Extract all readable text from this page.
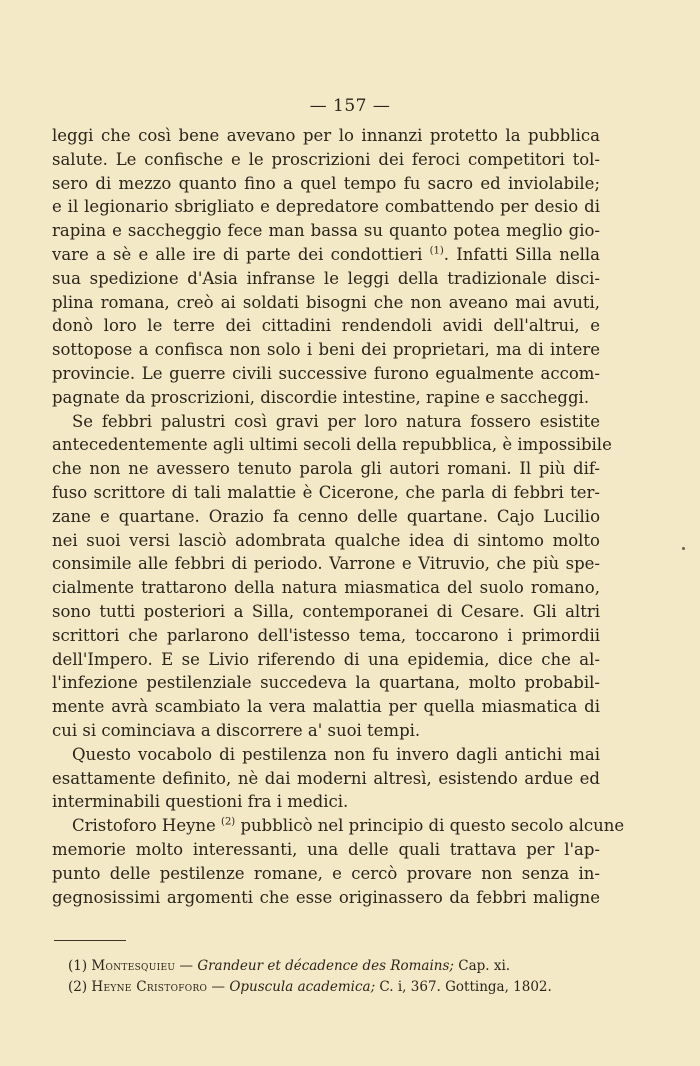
— 157 —
leggi che così bene avevano per lo innanzi protetto la pubblica
salute. Le confische e le proscrizioni dei feroci competitori tol-
sero di mezzo quanto fino a quel tempo fu sacro ed inviolabile;
e il legionario sbrigliato e depredatore combattendo per desio di
rapina e saccheggio fece man bassa su quanto potea meglio gio-
vare a sè e alle ire di parte dei condottieri $^{(1)}$. Infatti Silla nella
sua spedizione d'Asia infranse le leggi della tradizionale disci-
plina romana, creò ai soldati bisogni che non aveano mai avuti,
donò loro le terre dei cittadini rendendoli avidi dell'altrui, e
sottopose a confisca non solo i beni dei proprietari, ma di intere
provincie. Le guerre civili successive furono egualmente accom-
pagnate da proscrizioni, discordie intestine, rapine e saccheggi.
Se febbri palustri così gravi per loro natura fossero esistite
antecedentemente agli ultimi secoli della repubblica, è impossibile
che non ne avessero tenuto parola gli autori romani. Il più dif-
fuso scrittore di tali malattie è Cicerone, che parla di febbri ter-
zane e quartane. Orazio fa cenno delle quartane. Cajo Lucilio
nei suoi versi lasciò adombrata qualche idea di sintomo molto
consimile alle febbri di periodo. Varrone e Vitruvio, che più spe-
cialmente trattarono della natura miasmatica del suolo romano,
sono tutti posteriori a Silla, contemporanei di Cesare. Gli altri
scrittori che parlarono dell'istesso tema, toccarono i primordii
dell'Impero. E se Livio riferendo di una epidemia, dice che al-
l'infezione pestilenziale succedeva la quartana, molto probabil-
mente avrà scambiato la vera malattia per quella miasmatica di
cui si cominciava a discorrere a' suoi tempi.
Questo vocabolo di pestilenza non fu invero dagli antichi mai
esattamente definito, nè dai moderni altresì, esistendo ardue ed
interminabili questioni fra i medici.
Cristoforo Heyne $^{(2)}$ pubblicò nel principio di questo secolo alcune
memorie molto interessanti, una delle quali trattava per l'ap-
punto delle pestilenze romane, e cercò provare non senza in-
gegnosissimi argomenti che esse originassero da febbri maligne
(1) Montesquieu — Grandeur et décadence des Romains; Cap. xi.
(2) Heyne Cristoforo — Opuscula academica; C. i, 367. Gottinga, 1802.
